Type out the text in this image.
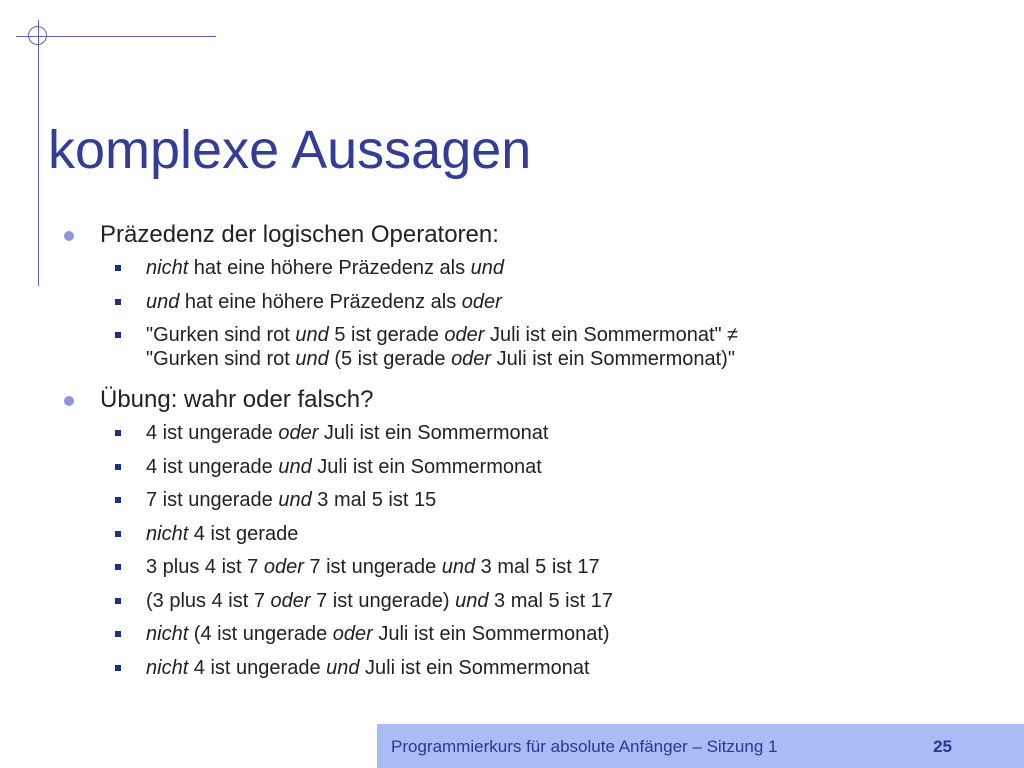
komplexe Aussagen
Präzedenz der logischen Operatoren:
nicht hat eine höhere Präzedenz als und
und hat eine höhere Präzedenz als oder
"Gurken sind rot und 5 ist gerade oder Juli ist ein Sommermonat" ≠
"Gurken sind rot und (5 ist gerade oder Juli ist ein Sommermonat)"
Übung: wahr oder falsch?
4 ist ungerade oder Juli ist ein Sommermonat
4 ist ungerade und Juli ist ein Sommermonat
7 ist ungerade und 3 mal 5 ist 15
nicht 4 ist gerade
3 plus 4 ist 7 oder 7 ist ungerade und 3 mal 5 ist 17
(3 plus 4 ist 7 oder 7 ist ungerade) und 3 mal 5 ist 17
nicht (4 ist ungerade oder Juli ist ein Sommermonat)
nicht 4 ist ungerade und Juli ist ein Sommermonat
Programmierkurs für absolute Anfänger – Sitzung 1	25
